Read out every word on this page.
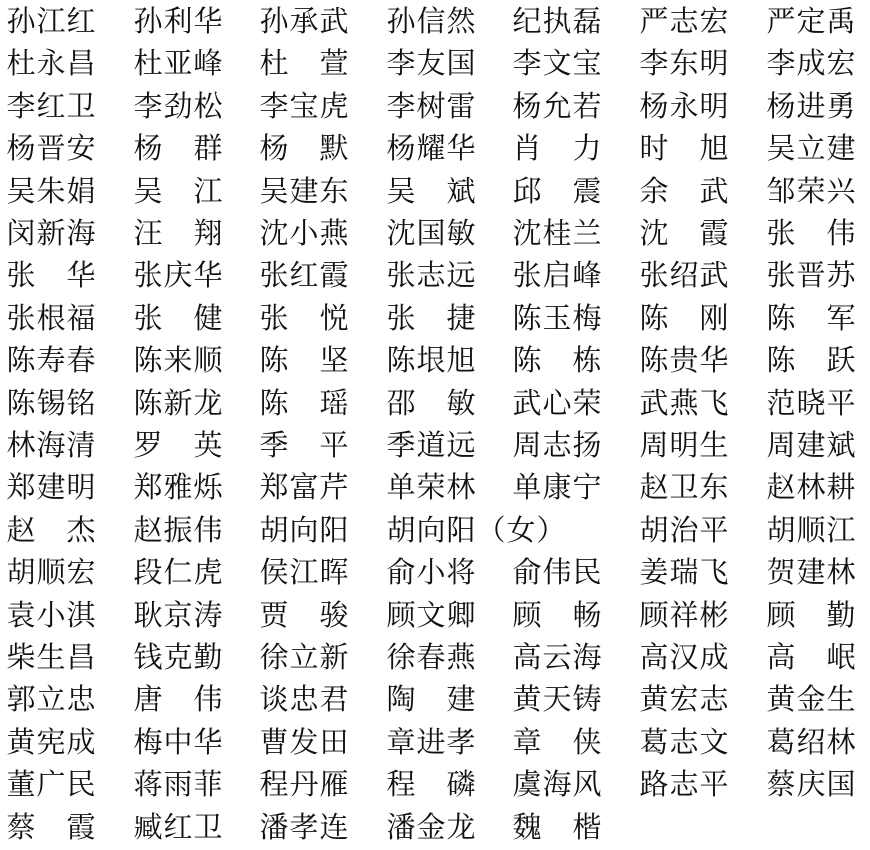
孙 江 红 孙 利 华 孙 承 武 孙 信 然 纪 执 磊 严 志 宏 严 定 禹
杜 永 昌 杜 亚 峰 杜
　 萱 李 友 国 李 文 宝 李 东 明 李 成 宏
李 红 卫 李 劲 松 李 宝 虎 李 树 雷 杨 允 若 杨 永 明 杨 进 勇
杨 晋 安 杨
　 群 杨
　 默 杨 耀 华 肖
　 力 时
　 旭 吴 立 建
吴 朱 娟 吴
　 江 吴 建 东 吴
　 斌 邱
　 震 余
　 武 邹 荣 兴
闵 新 海 汪
　 翔 沈 小 燕 沈 国 敏 沈 桂 兰 沈
　 霞 张
　 伟
张
　 华 张 庆 华 张 红 霞 张 志 远 张 启 峰 张 绍 武 张 晋 苏
张 根 福 张
　 健 张
　 悦 张
　 捷 陈 玉 梅 陈
　 刚 陈
　 军
陈 寿 春 陈 来 顺 陈
　 坚 陈 垠 旭 陈
　 栋 陈 贵 华 陈
　 跃
陈 锡 铭 陈 新 龙 陈
　 瑶 邵
　 敏 武 心 荣 武 燕 飞 范 晓 平
林 海 清 罗
　 英 季
　 平 季 道 远 周 志 扬 周 明 生 周 建 斌
郑 建 明 郑 雅 烁 郑 富 芹 单 荣 林 单 康 宁 赵 卫 东 赵 林 耕
赵
　 杰 赵 振 伟 胡 向 阳 胡 向 阳 （ 女 ）	胡 治 平 胡 顺 江
胡 顺 宏 段 仁 虎 侯 江 晖 俞 小 将 俞 伟 民 姜 瑞 飞 贺 建 林
袁 小 淇 耿 京 涛 贾
　 骏 顾 文 卿 顾
　 畅 顾 祥 彬 顾
　 勤
柴 生 昌 钱 克 勤 徐 立 新 徐 春 燕 高 云 海 高 汉 成 高
　 岷
郭 立 忠 唐
　 伟 谈 忠 君 陶
　 建 黄 天 铸 黄 宏 志 黄 金 生
黄 宪 成 梅 中 华 曹 发 田 章 进 孝 章
　 侠 葛 志 文 葛 绍 林
董 广 民 蒋 雨 菲 程 丹 雁 程
　 磷 虞 海 风 路 志 平 蔡 庆 国
蔡
　 霞 臧 红 卫 潘 孝 连 潘 金 龙 魏
　 楷
